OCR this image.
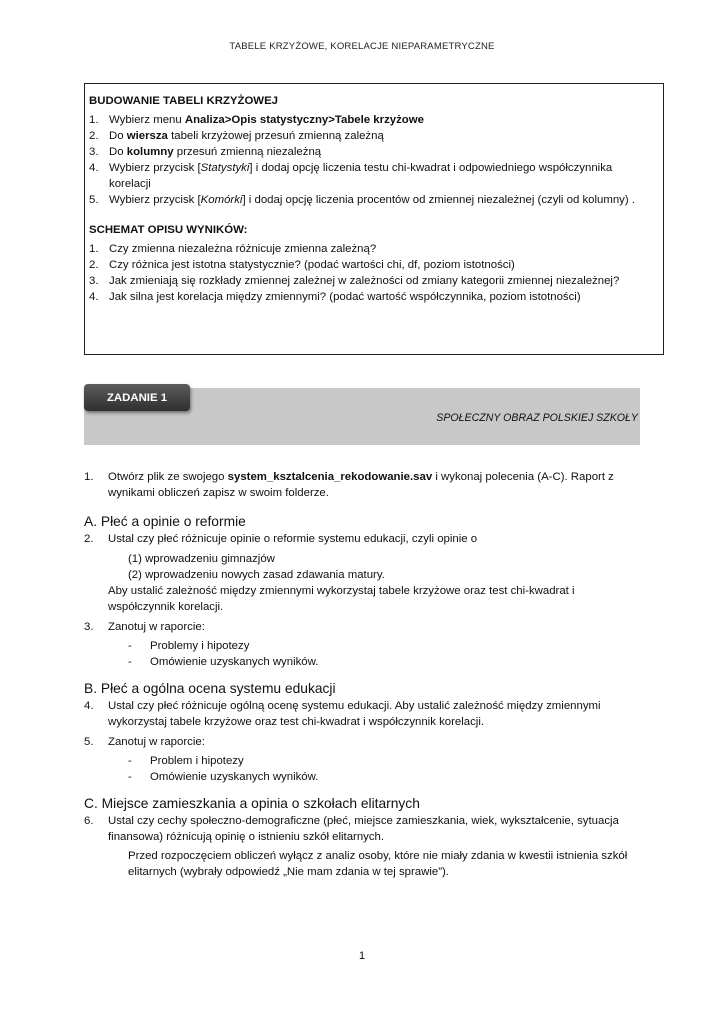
TABELE KRZYŻOWE, KORELACJE NIEPARAMETRYCZNE
BUDOWANIE TABELI KRZYŻOWEJ
1. Wybierz menu Analiza>Opis statystyczny>Tabele krzyżowe
2. Do wiersza tabeli krzyżowej przesuń zmienną zależną
3. Do kolumny przesuń zmienną niezależną
4. Wybierz przycisk [Statystyki] i dodaj opcję liczenia testu chi-kwadrat i odpowiedniego współczynnika korelacji
5. Wybierz przycisk [Komórki] i dodaj opcję liczenia procentów od zmiennej niezależnej (czyli od kolumny) .
SCHEMAT OPISU WYNIKÓW:
1. Czy zmienna niezależna różnicuje zmienna zależną?
2. Czy różnica jest istotna statystycznie? (podać wartości chi, df, poziom istotności)
3. Jak zmieniają się rozkłady zmiennej zależnej w zależności od zmiany kategorii zmiennej niezależnej?
4. Jak silna jest korelacja między zmiennymi? (podać wartość współczynnika, poziom istotności)
ZADANIE 1
SPOŁECZNY OBRAZ POLSKIEJ SZKOŁY
1. Otwórz plik ze swojego system_ksztalcenia_rekodowanie.sav i wykonaj polecenia (A-C). Raport z wynikami obliczeń zapisz w swoim folderze.
A. Płeć a opinie o reformie
2. Ustal czy płeć różnicuje opinie o reformie systemu edukacji, czyli opinie o
(1) wprowadzeniu gimnazjów
(2) wprowadzeniu nowych zasad zdawania matury.
Aby ustalić zależność między zmiennymi wykorzystaj tabele krzyżowe oraz test chi-kwadrat i współczynnik korelacji.
3. Zanotuj w raporcie:
- Problemy i hipotezy
- Omówienie uzyskanych wyników.
B. Płeć a ogólna ocena systemu edukacji
4. Ustal czy płeć różnicuje ogólną ocenę systemu edukacji. Aby ustalić zależność między zmiennymi wykorzystaj tabele krzyżowe oraz test chi-kwadrat i współczynnik korelacji.
5. Zanotuj w raporcie:
- Problem i hipotezy
- Omówienie uzyskanych wyników.
C. Miejsce zamieszkania a opinia o szkołach elitarnych
6. Ustal czy cechy społeczno-demograficzne (płeć, miejsce zamieszkania, wiek, wykształcenie, sytuacja finansowa) różnicują opinię o istnieniu szkół elitarnych.
Przed rozpoczęciem obliczeń wyłącz z analiz osoby, które nie miały zdania w kwestii istnienia szkół elitarnych (wybrały odpowiedź „Nie mam zdania w tej sprawie”).
1
